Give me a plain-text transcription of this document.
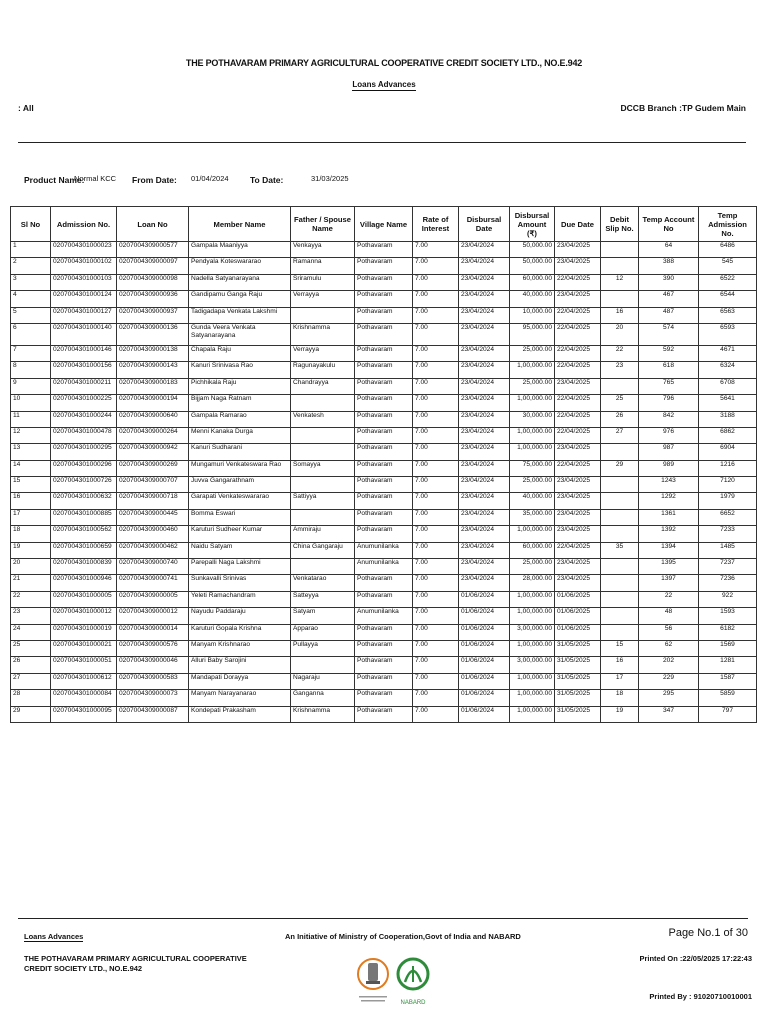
THE POTHAVARAM PRIMARY AGRICULTURAL COOPERATIVE CREDIT SOCIETY LTD., NO.E.942
Loans Advances
: All	DCCB Branch :TP Gudem Main
Product Name:
Normal KCC From Date: 01/04/2024	To Date:	31/03/2025
Sl No	Admission No.	Loan No	Member Name	Father / Spouse Name	Village Name	Rate of Interest	Disbursal Date	Disbursal Amount (₹)	Due Date	Debit Slip No.	Temp Account No	Temp Admission No.
1	0207004301000023	0207004309000577	Gampala Maaniyya	Venkayya	Pothavaram	7.00	23/04/2024	50,000.00	23/04/2025		64	6486
2	0207004301000102	0207004309000097	Pendyala Koteswararao	Ramanna	Pothavaram	7.00	23/04/2024	50,000.00	23/04/2025		388	545
3	0207004301000103	0207004309000098	Nadella Satyanarayana	Sriramulu	Pothavaram	7.00	23/04/2024	60,000.00	22/04/2025	12	390	6522
4	0207004301000124	0207004309000936	Gandipamu Ganga Raju	Verrayya	Pothavaram	7.00	23/04/2024	40,000.00	23/04/2025		467	6544
5	0207004301000127	0207004309000937	Tadigadapa Venkata Lakshmi		Pothavaram	7.00	23/04/2024	10,000.00	22/04/2025	16	487	6563
6	0207004301000140	0207004309000136	Gunda Veera Venkata Satyanarayana	Krishnamma	Pothavaram	7.00	23/04/2024	95,000.00	22/04/2025	20	574	6593
7	0207004301000146	0207004309000138	Chapala Raju	Verrayya	Pothavaram	7.00	23/04/2024	25,000.00	22/04/2025	22	592	4671
8	0207004301000156	0207004309000143	Kanuri Srinivasa Rao	Ragunayakulu	Pothavaram	7.00	23/04/2024	1,00,000.00	22/04/2025	23	618	6324
9	0207004301000211	0207004309000183	Pichhikala Raju	Chandrayya	Pothavaram	7.00	23/04/2024	25,000.00	23/04/2025		765	6708
10	0207004301000225	0207004309000194	Bijjam Naga Ratnam		Pothavaram	7.00	23/04/2024	1,00,000.00	22/04/2025	25	796	5641
11	0207004301000244	0207004309000640	Gampala Ramarao	Venkatesh	Pothavaram	7.00	23/04/2024	30,000.00	22/04/2025	26	842	3188
12	0207004301000478	0207004309000264	Menni Kanaka Durga		Pothavaram	7.00	23/04/2024	1,00,000.00	22/04/2025	27	976	6862
13	0207004301000295	0207004309000942	Kanuri Sudharani		Pothavaram	7.00	23/04/2024	1,00,000.00	23/04/2025		987	6904
14	0207004301000296	0207004309000269	Mungamuri Venkateswara Rao	Somayya	Pothavaram	7.00	23/04/2024	75,000.00	22/04/2025	29	989	1216
15	0207004301000726	0207004309000707	Juvva Gangarathnam		Pothavaram	7.00	23/04/2024	25,000.00	23/04/2025		1243	7120
16	0207004301000632	0207004309000718	Garapati Venkateswararao	Sattiyya	Pothavaram	7.00	23/04/2024	40,000.00	23/04/2025		1292	1979
17	0207004301000885	0207004309000445	Bomma Eswari		Pothavaram	7.00	23/04/2024	35,000.00	23/04/2025		1361	6652
18	0207004301000562	0207004309000460	Karuturi Sudheer Kumar	Ammiraju	Pothavaram	7.00	23/04/2024	1,00,000.00	23/04/2025		1392	7233
19	0207004301000659	0207004309000462	Naidu Satyam	China Gangaraju	Anumunilanka	7.00	23/04/2024	60,000.00	22/04/2025	35	1394	1485
20	0207004301000839	0207004309000740	Parepalli Naga Lakshmi		Anumunilanka	7.00	23/04/2024	25,000.00	23/04/2025		1395	7237
21	0207004301000946	0207004309000741	Sunkavalli Srinivas	Venkatarao	Pothavaram	7.00	23/04/2024	28,000.00	23/04/2025		1397	7236
22	0207004301000005	0207004309000005	Yeleti Ramachandram	Satteyya	Pothavaram	7.00	01/06/2024	1,00,000.00	01/06/2025		22	922
23	0207004301000012	0207004309000012	Nayudu Paddaraju	Satyam	Anumunilanka	7.00	01/06/2024	1,00,000.00	01/06/2025		48	1593
24	0207004301000019	0207004309000014	Karuturi Gopala Krishna	Apparao	Pothavaram	7.00	01/06/2024	3,00,000.00	01/06/2025		56	6182
25	0207004301000021	0207004309000576	Manyam Krishnarao	Pullayya	Pothavaram	7.00	01/06/2024	1,00,000.00	31/05/2025	15	62	1569
26	0207004301000051	0207004309000046	Alluri Baby Sarojini		Pothavaram	7.00	01/06/2024	3,00,000.00	31/05/2025	16	202	1281
27	0207004301000612	0207004309000583	Mandapati Dorayya	Nagaraju	Pothavaram	7.00	01/06/2024	1,00,000.00	31/05/2025	17	229	1587
28	0207004301000084	0207004309000073	Manyam Narayanarao	Ganganna	Pothavaram	7.00	01/06/2024	1,00,000.00	31/05/2025	18	295	5859
29	0207004301000095	0207004309000087	Kondepati Prakasham	Krishnamma	Pothavaram	7.00	01/06/2024	1,00,000.00	31/05/2025	19	347	797
Loans Advances
THE POTHAVARAM PRIMARY AGRICULTURAL COOPERATIVE CREDIT SOCIETY LTD., NO.E.942
An Initiative of Ministry of Cooperation,Govt of India and NABARD	Page No.1 of 30
Printed On :22/05/2025 17:22:43
Printed By : 91020710010001
NABARD
